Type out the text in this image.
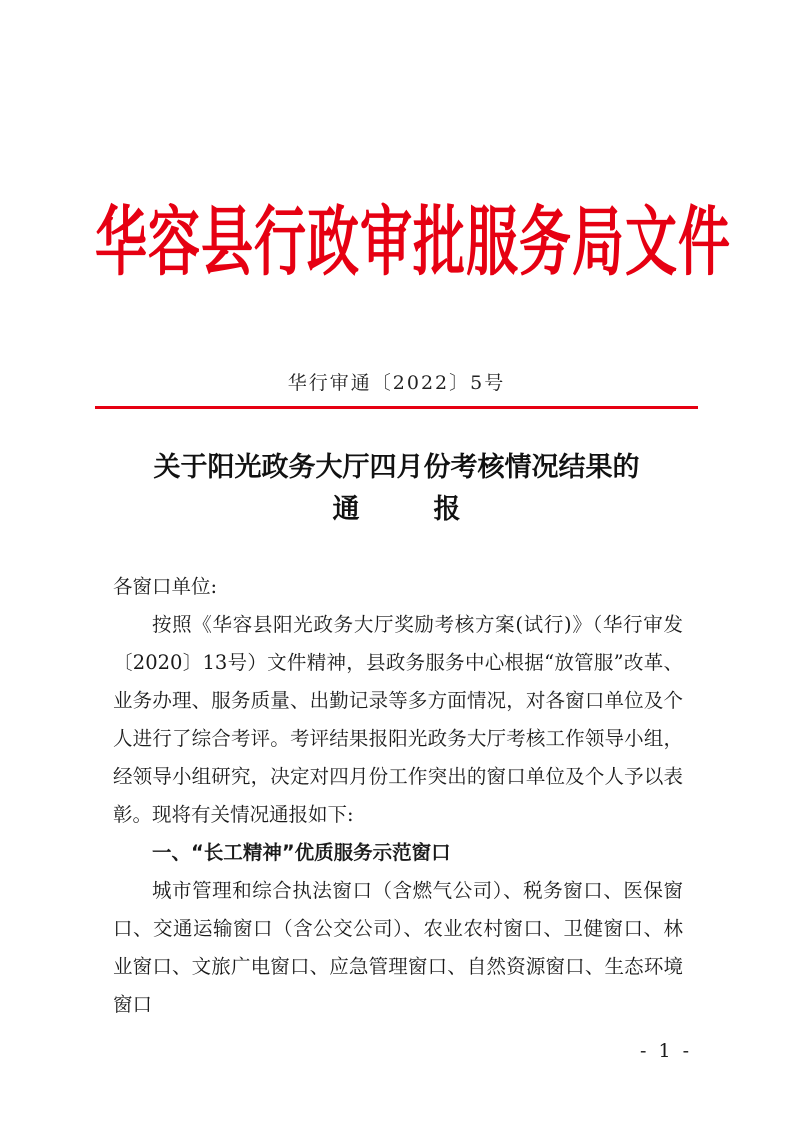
华容县行政审批服务局文件
华行审通〔2022〕5号
关于阳光政务大厅四月份考核情况结果的
通报

各窗口单位:

按照《华容县阳光政务大厅奖励考核方案(试行)》（华行审发〔2020〕13号）文件精神，县政务服务中心根据“放管服”改革、业务办理、服务质量、出勤记录等多方面情况，对各窗口单位及个人进行了综合考评。考评结果报阳光政务大厅考核工作领导小组，经领导小组研究，决定对四月份工作突出的窗口单位及个人予以表彰。现将有关情况通报如下:

一、“长工精神”优质服务示范窗口

城市管理和综合执法窗口（含燃气公司）、税务窗口、医保窗口、交通运输窗口（含公交公司）、农业农村窗口、卫健窗口、林业窗口、文旅广电窗口、应急管理窗口、自然资源窗口、生态环境窗口

- 1 -
